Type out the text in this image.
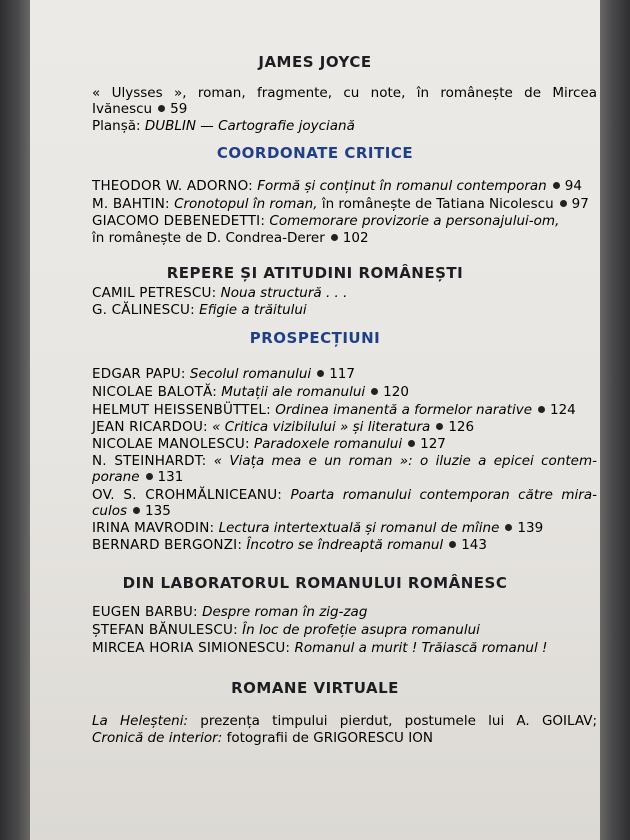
JAMES JOYCE
« Ulysses », roman, fragmente, cu note, în românește de Mircea
Ivănescu 59
Planșă: DUBLIN — Cartografie joyciană
COORDONATE CRITICE
THEODOR W. ADORNO: Formă și conținut în romanul contemporan 94
M. BAHTIN: Cronotopul în roman, în românește de Tatiana Nicolescu 97
GIACOMO DEBENEDETTI: Comemorare provizorie a personajului-om,
în românește de D. Condrea-Derer 102
REPERE ȘI ATITUDINI ROMÂNEȘTI
CAMIL PETRESCU: Noua structură . . .
G. CĂLINESCU: Efigie a trăitului
PROSPECȚIUNI
EDGAR PAPU: Secolul romanului 117
NICOLAE BALOTĂ: Mutații ale romanului 120
HELMUT HEISSENBÜTTEL: Ordinea imanentă a formelor narative 124
JEAN RICARDOU: « Critica vizibilului » și literatura 126
NICOLAE MANOLESCU: Paradoxele romanului 127
N. STEINHARDT: « Viața mea e un roman »: o iluzie a epicei contem-
porane 131
OV. S. CROHMĂLNICEANU: Poarta romanului contemporan către mira-
culos 135
IRINA MAVRODIN: Lectura intertextuală și romanul de mîine 139
BERNARD BERGONZI: Încotro se îndreaptă romanul 143
DIN LABORATORUL ROMANULUI ROMÂNESC
EUGEN BARBU: Despre roman în zig-zag
ȘTEFAN BĂNULESCU: În loc de profeție asupra romanului
MIRCEA HORIA SIMIONESCU: Romanul a murit ! Trăiască romanul !
ROMANE VIRTUALE
La Heleșteni: prezența timpului pierdut, postumele lui A. GOILAV;
Cronică de interior: fotografii de GRIGORESCU ION
